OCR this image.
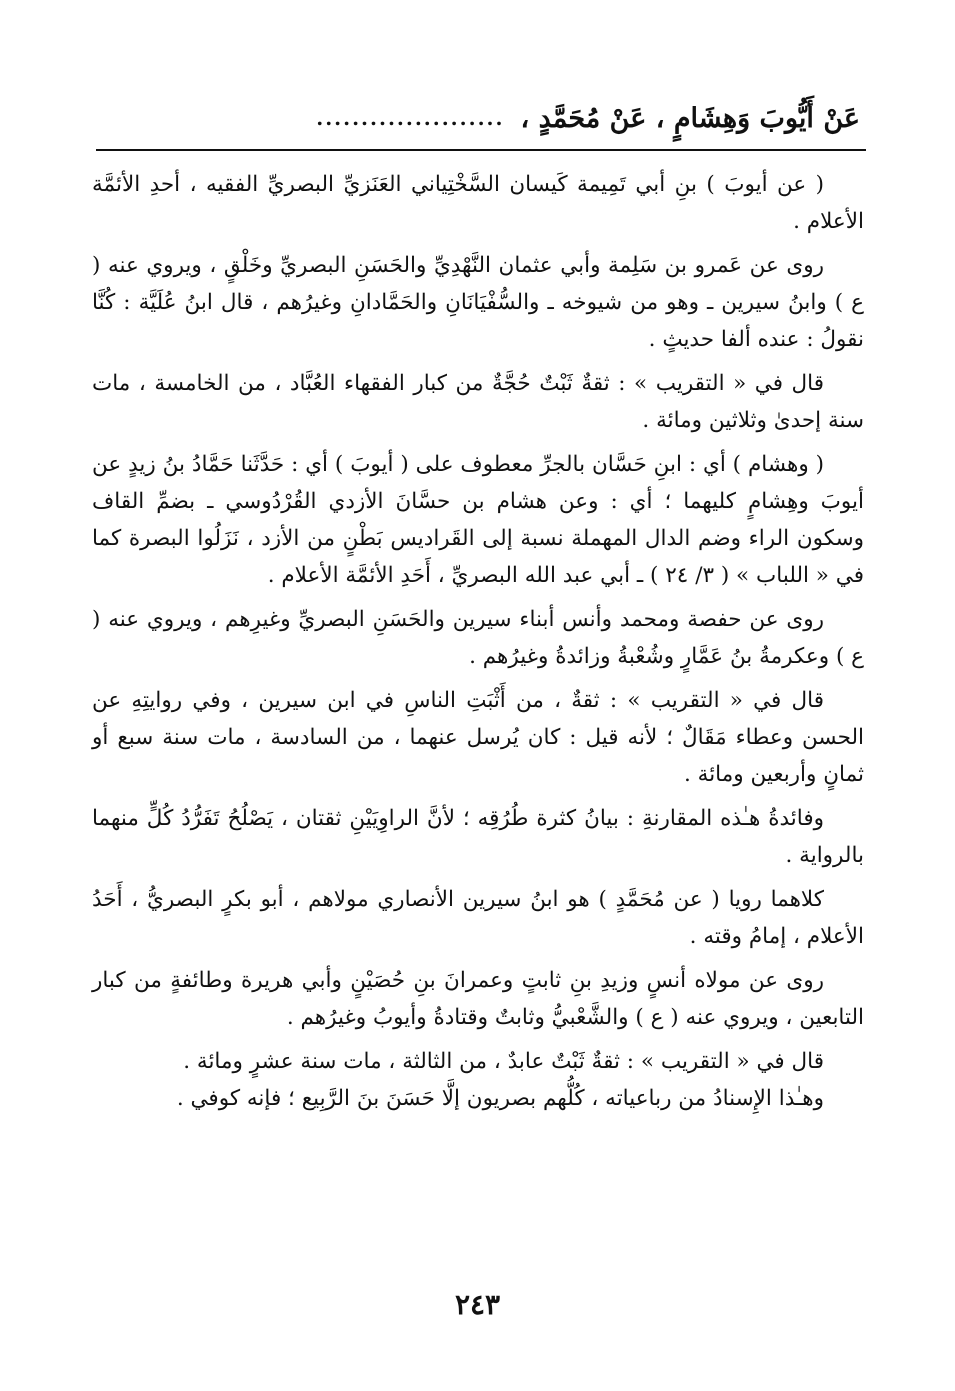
عَنْ أَيُّوبَ وَهِشَامٍ ، عَنْ مُحَمَّدٍ ،
.....................

( عن أيوبَ ) بنِ أبي تَمِيمة كَيسان السَّخْتِياني العَنَزيِّ البصريِّ الفقيه ، أحدِ الأئمَّة الأعلام .

روى عن عَمرو بن سَلِمة وأبي عثمان النَّهْدِيِّ والحَسَنِ البصريِّ وخَلْقٍ ، ويروي عنه ( ع ) وابنُ سيرين ـ وهو من شيوخه ـ والسُّفْيَانَانِ والحَمَّادانِ وغيرُهم ، قال ابنُ عُلَيَّة : كُنَّا نقولُ : عنده ألفا حديثٍ .

قال في « التقريب » : ثقةٌ ثَبْتٌ حُجَّةٌ من كبار الفقهاء العُبَّاد ، من الخامسة ، مات سنة إحدىٰ وثلاثين ومائة .

( وهشام ) أي : ابنِ حَسَّان بالجرِّ معطوف على ( أيوبَ ) أي : حَدَّثَنا حَمَّادُ بنُ زيدٍ عن أيوبَ وهِشامٍ كليهما ؛ أي : وعن هشام بن حسَّانَ الأزدي القُرْدُوسي ـ بضمِّ القاف وسكون الراء وضم الدال المهملة نسبة إلى القَراديس بَطْنٍ من الأزد ، نَزَلُوا البصرة كما في « اللباب » ( ٣/ ٢٤ ) ـ أبي عبد الله البصريِّ ، أَحَدِ الأئمَّة الأعلام .

روى عن حفصة ومحمد وأنس أبناء سيرين والحَسَنِ البصريِّ وغيرِهم ، ويروي عنه ( ع ) وعكرمةُ بنُ عَمَّارٍ وشُعْبةُ وزائدةُ وغيرُهم .

قال في « التقريب » : ثقةٌ ، من أَثْبَتِ الناسِ في ابن سيرين ، وفي روايتِهِ عن الحسن وعطاء مَقَالٌ ؛ لأنه قيل : كان يُرسل عنهما ، من السادسة ، مات سنة سبع أو ثمانٍ وأربعين ومائة .

وفائدةُ هـٰذه المقارنةِ : بيانُ كثرة طُرُقِه ؛ لأنَّ الراوِيَيْنِ ثقتان ، يَصْلُحُ تَفَرُّدُ كُلٍّ منهما بالرواية .

كلاهما رويا ( عن مُحَمَّدٍ ) هو ابنُ سيرين الأنصاري مولاهم ، أبو بكرٍ البصريُّ ، أَحَدُ الأعلام ، إمامُ وقته .

روى عن مولاه أنسٍ وزيدِ بنِ ثابتٍ وعمرانَ بنِ حُصَيْنٍ وأبي هريرة وطائفةٍ من كبار التابعين ، ويروي عنه ( ع ) والشَّعْبيُّ وثابتٌ وقتادةُ وأيوبُ وغيرُهم .

قال في « التقريب » : ثقةٌ ثَبْتٌ عابدٌ ، من الثالثة ، مات سنة عشرٍ ومائة .

وهـٰذا الإِسنادُ من رباعياته ، كُلُّهم بصريون إلَّا حَسَنَ بنَ الرَّبِيع ؛ فإنه كوفي .

٢٤٣
